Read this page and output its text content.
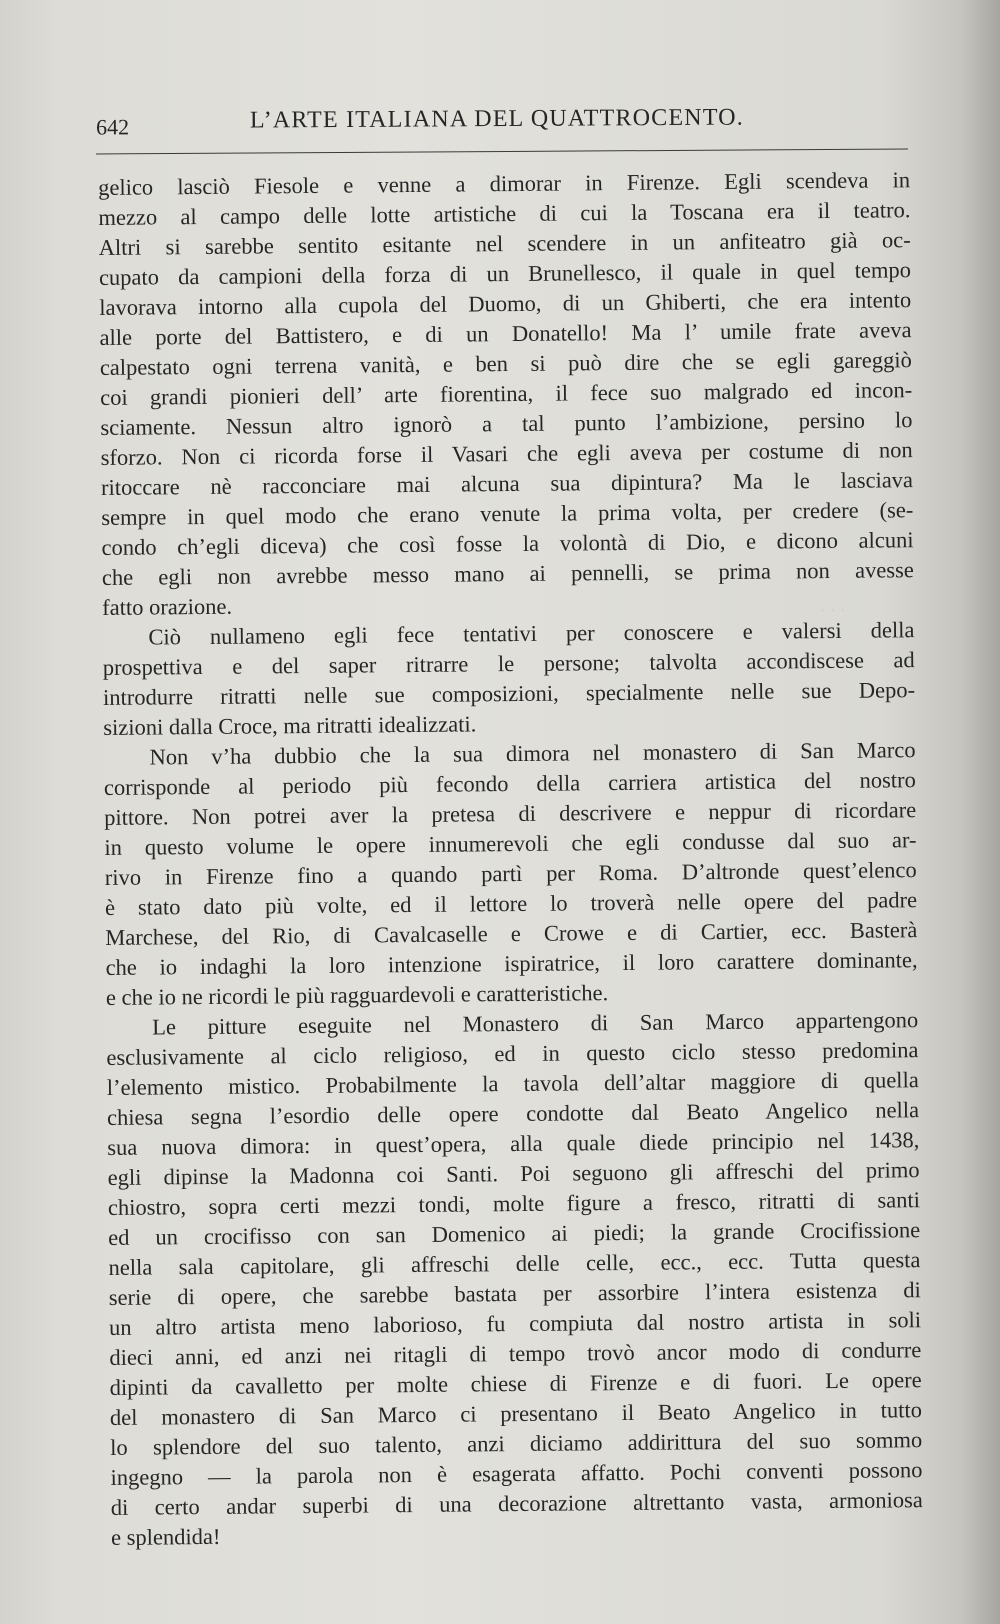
· · ·
642	L’ARTE ITALIANA DEL QUATTROCENTO.
gelico lasciò Fiesole e venne a dimorar in Firenze. Egli scendeva in
mezzo al campo delle lotte artistiche di cui la Toscana era il teatro.
Altri si sarebbe sentito esitante nel scendere in un anfiteatro già oc-
cupato da campioni della forza di un Brunellesco, il quale in quel tempo
lavorava intorno alla cupola del Duomo, di un Ghiberti, che era intento
alle porte del Battistero, e di un Donatello! Ma l’ umile frate aveva
calpestato ogni terrena vanità, e ben si può dire che se egli gareggiò
coi grandi pionieri dell’ arte fiorentina, il fece suo malgrado ed incon-
sciamente. Nessun altro ignorò a tal punto l’ambizione, persino lo
sforzo. Non ci ricorda forse il Vasari che egli aveva per costume di non
ritoccare nè racconciare mai alcuna sua dipintura? Ma le lasciava
sempre in quel modo che erano venute la prima volta, per credere (se-
condo ch’egli diceva) che così fosse la volontà di Dio, e dicono alcuni
che egli non avrebbe messo mano ai pennelli, se prima non avesse
fatto orazione.
Ciò nullameno egli fece tentativi per conoscere e valersi della
prospettiva e del saper ritrarre le persone; talvolta accondiscese ad
introdurre ritratti nelle sue composizioni, specialmente nelle sue Depo-
sizioni dalla Croce, ma ritratti idealizzati.
Non v’ha dubbio che la sua dimora nel monastero di San Marco
corrisponde al periodo più fecondo della carriera artistica del nostro
pittore. Non potrei aver la pretesa di descrivere e neppur di ricordare
in questo volume le opere innumerevoli che egli condusse dal suo ar-
rivo in Firenze fino a quando partì per Roma. D’altronde quest’elenco
è stato dato più volte, ed il lettore lo troverà nelle opere del padre
Marchese, del Rio, di Cavalcaselle e Crowe e di Cartier, ecc. Basterà
che io indaghi la loro intenzione ispiratrice, il loro carattere dominante,
e che io ne ricordi le più ragguardevoli e caratteristiche.
Le pitture eseguite nel Monastero di San Marco appartengono
esclusivamente al ciclo religioso, ed in questo ciclo stesso predomina
l’elemento mistico. Probabilmente la tavola dell’altar maggiore di quella
chiesa segna l’esordio delle opere condotte dal Beato Angelico nella
sua nuova dimora: in quest’opera, alla quale diede principio nel 1438,
egli dipinse la Madonna coi Santi. Poi seguono gli affreschi del primo
chiostro, sopra certi mezzi tondi, molte figure a fresco, ritratti di santi
ed un crocifisso con san Domenico ai piedi; la grande Crocifissione
nella sala capitolare, gli affreschi delle celle, ecc., ecc. Tutta questa
serie di opere, che sarebbe bastata per assorbire l’intera esistenza di
un altro artista meno laborioso, fu compiuta dal nostro artista in soli
dieci anni, ed anzi nei ritagli di tempo trovò ancor modo di condurre
dipinti da cavalletto per molte chiese di Firenze e di fuori. Le opere
del monastero di San Marco ci presentano il Beato Angelico in tutto
lo splendore del suo talento, anzi diciamo addirittura del suo sommo
ingegno — la parola non è esagerata affatto. Pochi conventi possono
di certo andar superbi di una decorazione altrettanto vasta, armoniosa
e splendida!
